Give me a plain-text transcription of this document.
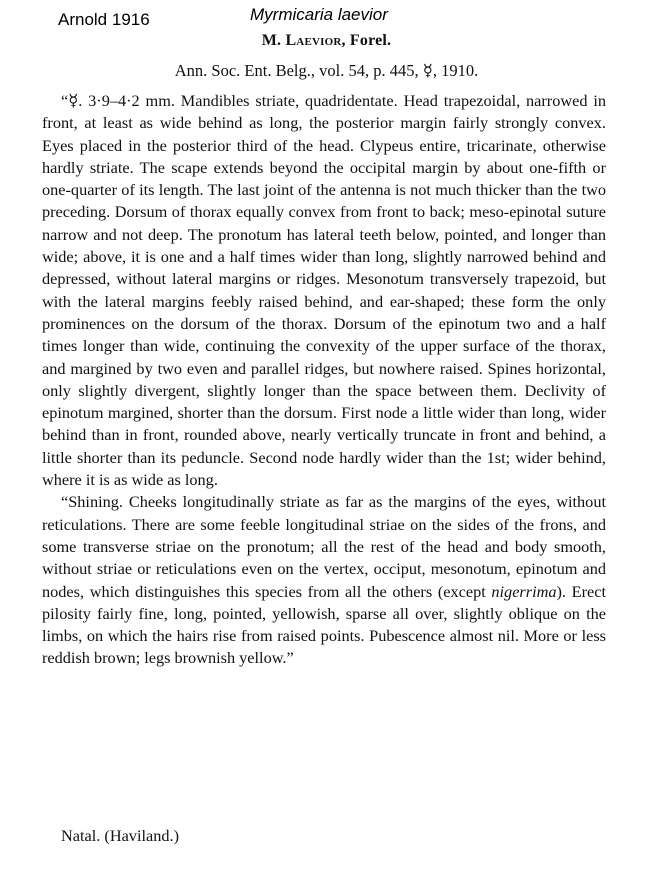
Arnold 1916	Myrmicaria laevior
M. Laevior, Forel.
Ann. Soc. Ent. Belg., vol. 54, p. 445, ☿, 1910.

“☿. 3·9–4·2 mm. Mandibles striate, quadridentate. Head trapezoidal, narrowed in front, at least as wide behind as long, the posterior margin fairly strongly convex. Eyes placed in the posterior third of the head. Clypeus entire, tricarinate, otherwise hardly striate. The scape extends beyond the occipital margin by about one-fifth or one-quarter of its length. The last joint of the antenna is not much thicker than the two preceding. Dorsum of thorax equally convex from front to back; meso-epinotal suture narrow and not deep. The pronotum has lateral teeth below, pointed, and longer than wide; above, it is one and a half times wider than long, slightly narrowed behind and depressed, without lateral margins or ridges. Mesonotum transversely trapezoid, but with the lateral margins feebly raised behind, and ear-shaped; these form the only prominences on the dorsum of the thorax. Dorsum of the epinotum two and a half times longer than wide, continuing the convexity of the upper surface of the thorax, and margined by two even and parallel ridges, but nowhere raised. Spines horizontal, only slightly divergent, slightly longer than the space between them. Declivity of epinotum margined, shorter than the dorsum. First node a little wider than long, wider behind than in front, rounded above, nearly vertically truncate in front and behind, a little shorter than its peduncle. Second node hardly wider than the 1st; wider behind, where it is as wide as long.

“Shining. Cheeks longitudinally striate as far as the margins of the eyes, without reticulations. There are some feeble longitudinal striae on the sides of the frons, and some transverse striae on the pronotum; all the rest of the head and body smooth, without striae or reticulations even on the vertex, occiput, mesonotum, epinotum and nodes, which distinguishes this species from all the others (except nigerrima). Erect pilosity fairly fine, long, pointed, yellowish, sparse all over, slightly oblique on the limbs, on which the hairs rise from raised points. Pubescence almost nil. More or less reddish brown; legs brownish yellow.”

Natal. (Haviland.)
